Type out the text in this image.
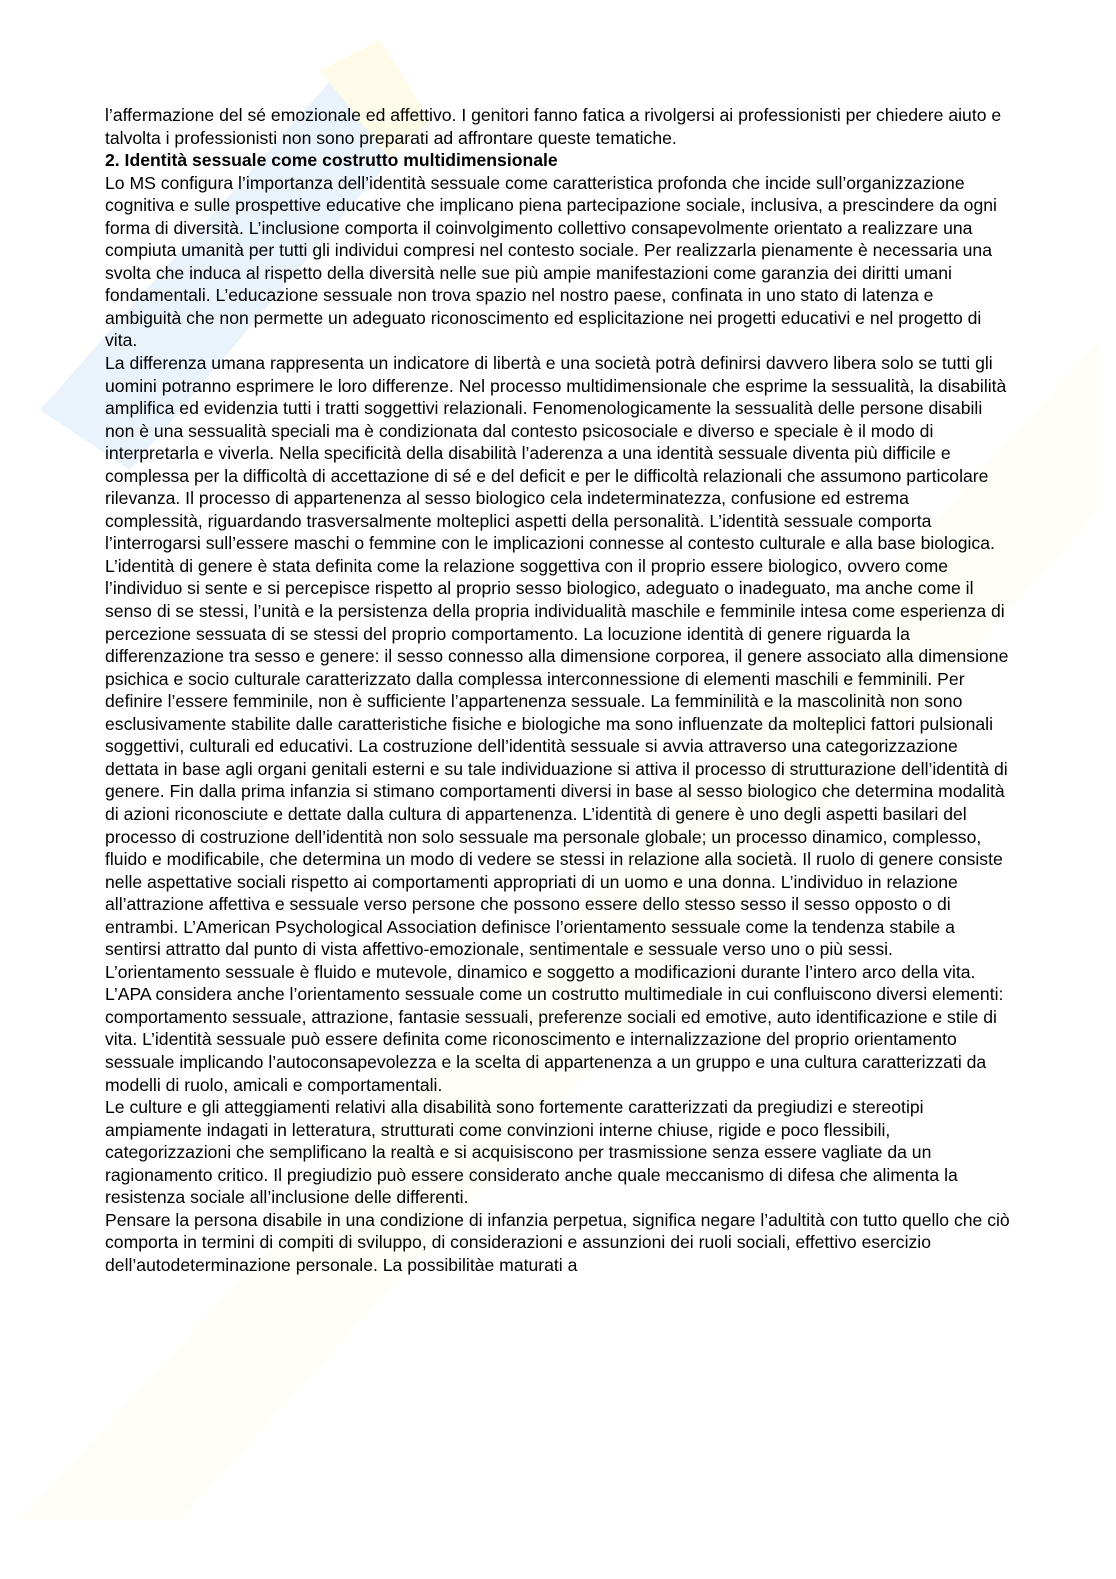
l’affermazione del sé emozionale ed affettivo. I genitori fanno fatica a rivolgersi ai professionisti per chiedere aiuto e talvolta i professionisti non sono preparati ad affrontare queste tematiche.

2. Identità sessuale come costrutto multidimensionale

Lo MS configura l’importanza dell’identità sessuale come caratteristica profonda che incide sull’organizzazione cognitiva e sulle prospettive educative che implicano piena partecipazione sociale, inclusiva, a prescindere da ogni forma di diversità. L’inclusione comporta il coinvolgimento collettivo consapevolmente orientato a realizzare una compiuta umanità per tutti gli individui compresi nel contesto sociale. Per realizzarla pienamente è necessaria una svolta che induca al rispetto della diversità nelle sue più ampie manifestazioni come garanzia dei diritti umani fondamentali. L’educazione sessuale non trova spazio nel nostro paese, confinata in uno stato di latenza e ambiguità che non permette un adeguato riconoscimento ed esplicitazione nei progetti educativi e nel progetto di vita.

La differenza umana rappresenta un indicatore di libertà e una società potrà definirsi davvero libera solo se tutti gli uomini potranno esprimere le loro differenze. Nel processo multidimensionale che esprime la sessualità, la disabilità amplifica ed evidenzia tutti i tratti soggettivi relazionali. Fenomenologicamente la sessualità delle persone disabili non è una sessualità speciali ma è condizionata dal contesto psicosociale e diverso e speciale è il modo di interpretarla e viverla. Nella specificità della disabilità l’aderenza a una identità sessuale diventa più difficile e complessa per la difficoltà di accettazione di sé e del deficit e per le difficoltà relazionali che assumono particolare rilevanza. Il processo di appartenenza al sesso biologico cela indeterminatezza, confusione ed estrema complessità, riguardando trasversalmente molteplici aspetti della personalità. L’identità sessuale comporta l’interrogarsi sull’essere maschi o femmine con le implicazioni connesse al contesto culturale e alla base biologica. L’identità di genere è stata definita come la relazione soggettiva con il proprio essere biologico, ovvero come l’individuo si sente e si percepisce rispetto al proprio sesso biologico, adeguato o inadeguato, ma anche come il senso di se stessi, l’unità e la persistenza della propria individualità maschile e femminile intesa come esperienza di percezione sessuata di se stessi del proprio comportamento. La locuzione identità di genere riguarda la differenzazione tra sesso e genere: il sesso connesso alla dimensione corporea, il genere associato alla dimensione psichica e socio culturale caratterizzato dalla complessa interconnessione di elementi maschili e femminili. Per definire l’essere femminile, non è sufficiente l’appartenenza sessuale. La femminilità e la mascolinità non sono esclusivamente stabilite dalle caratteristiche fisiche e biologiche ma sono influenzate da molteplici fattori pulsionali soggettivi, culturali ed educativi. La costruzione dell’identità sessuale si avvia attraverso una categorizzazione dettata in base agli organi genitali esterni e su tale individuazione si attiva il processo di strutturazione dell’identità di genere. Fin dalla prima infanzia si stimano comportamenti diversi in base al sesso biologico che determina modalità di azioni riconosciute e dettate dalla cultura di appartenenza. L’identità di genere è uno degli aspetti basilari del processo di costruzione dell’identità non solo sessuale ma personale globale; un processo dinamico, complesso, fluido e modificabile, che determina un modo di vedere se stessi in relazione alla società. Il ruolo di genere consiste nelle aspettative sociali rispetto ai comportamenti appropriati di un uomo e una donna. L’individuo in relazione all’attrazione affettiva e sessuale verso persone che possono essere dello stesso sesso il sesso opposto o di entrambi. L’American Psychological Association definisce l’orientamento sessuale come la tendenza stabile a sentirsi attratto dal punto di vista affettivo-emozionale, sentimentale e sessuale verso uno o più sessi. L’orientamento sessuale è fluido e mutevole, dinamico e soggetto a modificazioni durante l’intero arco della vita. L’APA considera anche l’orientamento sessuale come un costrutto multimediale in cui confluiscono diversi elementi: comportamento sessuale, attrazione, fantasie sessuali, preferenze sociali ed emotive, auto identificazione e stile di vita. L’identità sessuale può essere definita come riconoscimento e internalizzazione del proprio orientamento sessuale implicando l’autoconsapevolezza e la scelta di appartenenza a un gruppo e una cultura caratterizzati da modelli di ruolo, amicali e comportamentali.

Le culture e gli atteggiamenti relativi alla disabilità sono fortemente caratterizzati da pregiudizi e stereotipi ampiamente indagati in letteratura, strutturati come convinzioni interne chiuse, rigide e poco flessibili, categorizzazioni che semplificano la realtà e si acquisiscono per trasmissione senza essere vagliate da un ragionamento critico. Il pregiudizio può essere considerato anche quale meccanismo di difesa che alimenta la resistenza sociale all’inclusione delle differenti.

Pensare la persona disabile in una condizione di infanzia perpetua, significa negare l’adultità con tutto quello che ciò comporta in termini di compiti di sviluppo, di considerazioni e assunzioni dei ruoli sociali, effettivo esercizio dell’autodeterminazione personale. La possibilitàe maturati a
